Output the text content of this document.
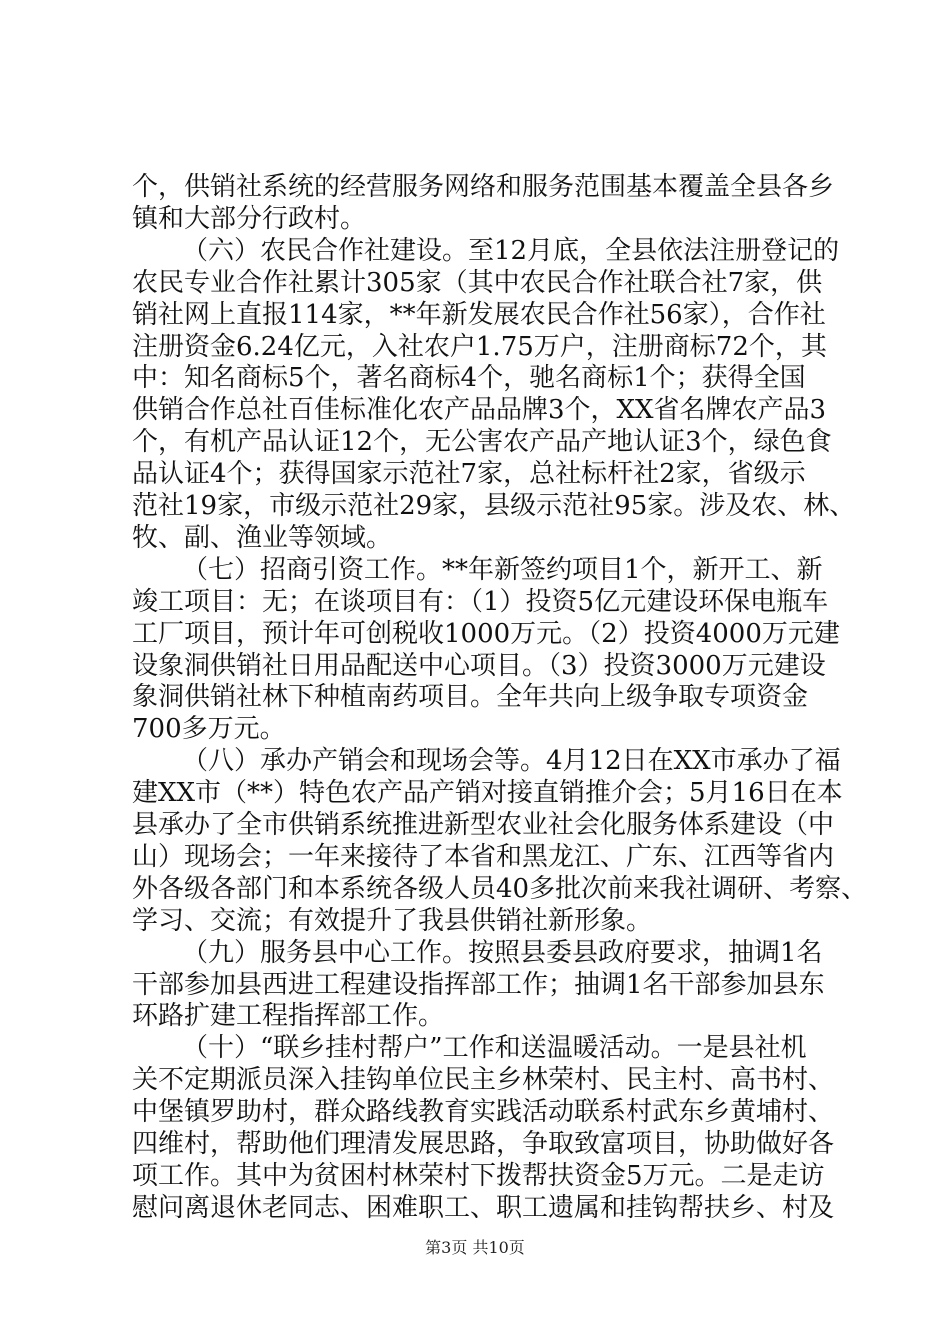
个，供销社系统的经营服务网络和服务范围基本覆盖全县各乡
镇和大部分行政村。
（六）农民合作社建设。至12月底，全县依法注册登记的
农民专业合作社累计305家（其中农民合作社联合社7家，供
销社网上直报114家，**年新发展农民合作社56家），合作社
注册资金6.24亿元，入社农户1.75万户，注册商标72个，其
中：知名商标5个，著名商标4个，驰名商标1个；获得全国
供销合作总社百佳标准化农产品品牌3个，XX省名牌农产品3
个，有机产品认证12个，无公害农产品产地认证3个，绿色食
品认证4个；获得国家示范社7家，总社标杆社2家，省级示
范社19家，市级示范社29家，县级示范社95家。涉及农、林、
牧、副、渔业等领域。
（七）招商引资工作。**年新签约项目1个，新开工、新
竣工项目：无；在谈项目有：（1）投资5亿元建设环保电瓶车
工厂项目，预计年可创税收1000万元。（2）投资4000万元建
设象洞供销社日用品配送中心项目。（3）投资3000万元建设
象洞供销社林下种植南药项目。全年共向上级争取专项资金
700多万元。
（八）承办产销会和现场会等。4月12日在XX市承办了福
建XX市（**）特色农产品产销对接直销推介会；5月16日在本
县承办了全市供销系统推进新型农业社会化服务体系建设（中
山）现场会；一年来接待了本省和黑龙江、广东、江西等省内
外各级各部门和本系统各级人员40多批次前来我社调研、考察、
学习、交流；有效提升了我县供销社新形象。
（九）服务县中心工作。按照县委县政府要求，抽调1名
干部参加县西进工程建设指挥部工作；抽调1名干部参加县东
环路扩建工程指挥部工作。
（十）“联乡挂村帮户”工作和送温暖活动。一是县社机
关不定期派员深入挂钩单位民主乡林荣村、民主村、高书村、
中堡镇罗助村，群众路线教育实践活动联系村武东乡黄埔村、
四维村，帮助他们理清发展思路，争取致富项目，协助做好各
第3页 共10页
项工作。其中为贫困村林荣村下拨帮扶资金5万元。二是走访
慰问离退休老同志、困难职工、职工遗属和挂钩帮扶乡、村及
